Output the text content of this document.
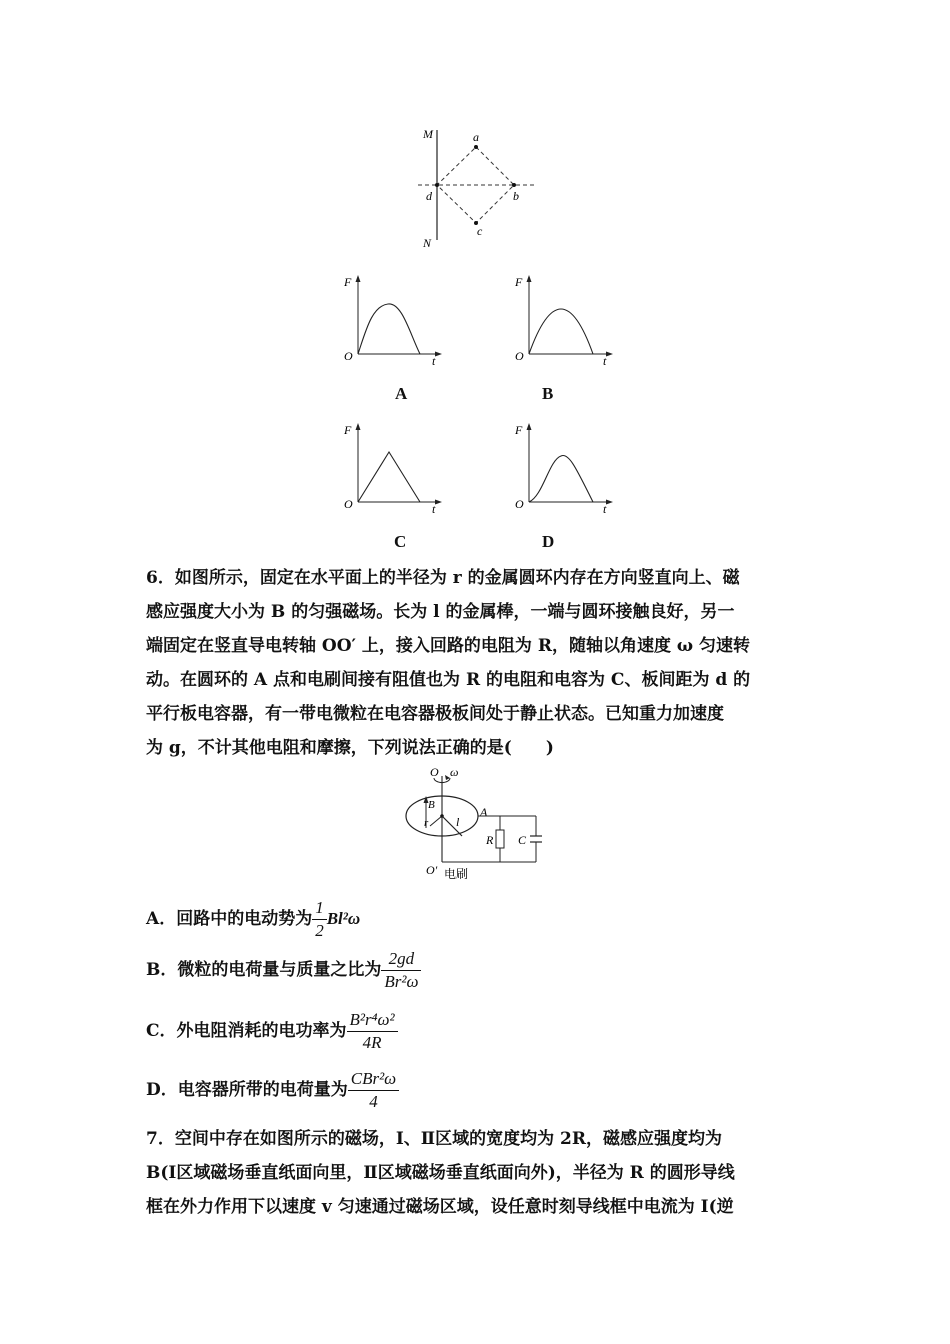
M
N
a
b
c
d
F
O	t
A
F
O	t
B
F
O	t
C
F
O	t
D

6．如图所示，固定在水平面上的半径为 r 的金属圆环内存在方向竖直向上、磁

感应强度大小为 B 的匀强磁场。长为 l 的金属棒，一端与圆环接触良好，另一

端固定在竖直导电转轴 OO′ 上，接入回路的电阻为 R，随轴以角速度 ω 匀速转

动。在圆环的 A 点和电刷间接有阻值也为 R 的电阻和电容为 C、板间距为 d 的

平行板电容器，有一带电微粒在电容器极板间处于静止状态。已知重力加速度

为 g，不计其他电阻和摩擦，下列说法正确的是(　　)

O ω
B
r l
A
R C
O′ 电刷
A．回路中的电动势为 $\frac{1}{2} Bl^2\omega$
B．微粒的电荷量与质量之比为 $\frac{2gd}{\text{Br²ω}}$
C．外电阻消耗的电功率为 $\frac{\text{B²r⁴ω²}}{4R}$
D．电容器所带的电荷量为 $\frac{\text{CBr²ω}}{4}$

7．空间中存在如图所示的磁场，Ⅰ、Ⅱ区域的宽度均为 2R，磁感应强度均为

B(Ⅰ区域磁场垂直纸面向里，Ⅱ区域磁场垂直纸面向外)，半径为 R 的圆形导线

框在外力作用下以速度 v 匀速通过磁场区域，设任意时刻导线框中电流为 I(逆
